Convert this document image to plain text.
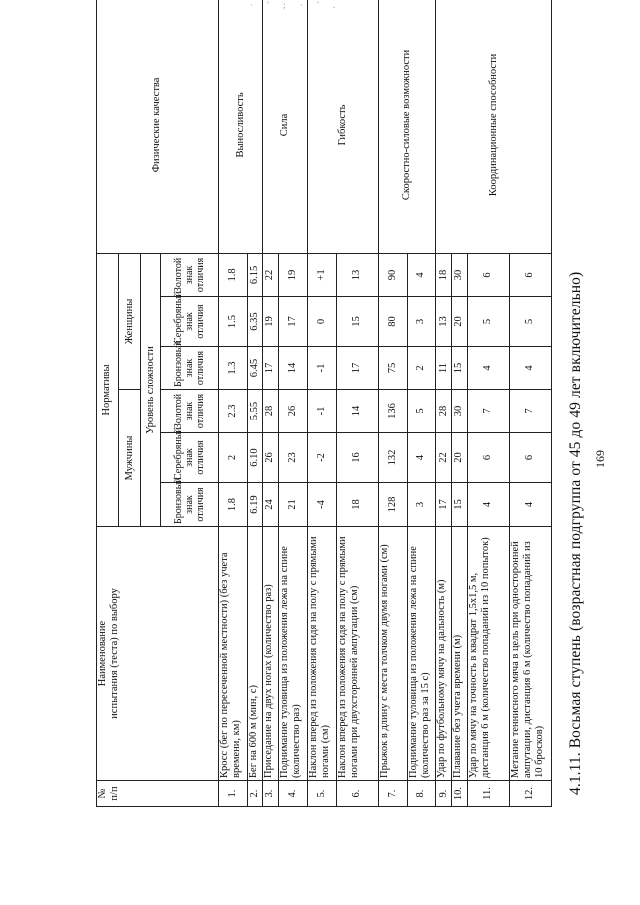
· ' ; · ' .
169
4.1.11. Восьмая ступень (возрастная подгруппа от 45 до 49 лет включительно)
№
п/п	Наименование
испытания (теста) по выбору	Нормативы						Физические качества
		Мужчины			Женщины			
		Уровень сложности						
		Бронзовый знак отличия	Серебряный знак отличия	Золотой знак отличия	Бронзовый знак отличия	Серебряный знак отличия	Золотой знак отличия	
1.	Кросс (бег по пересеченной местности) (без учета времени, км)	1.8	2	2.3	1.3	1.5	1.8	Выносливость
2.	Бег на 600 м (мин, с)	6.19	6.10	5.55	6.45	6.35	6.15	
3.	Приседание на двух ногах (количество раз)	24	26	28	17	19	22	Сила
4.	Поднимание туловища из положения лежа на спине (количество раз)	21	23	26	14	17	19	
5.	Наклон вперед из положения сидя на полу с прямыми ногами (см)	-4	-2	-1	-1	0	+1	Гибкость
6.	Наклон вперед из положения сидя на полу с прямыми ногами при двухсторонней ампутации (см)	18	16	14	17	15	13	
7.	Прыжок в длину с места толчком двумя ногами (см)	128	132	136	75	80	90	Скоростно-силовые возможности
8.	Поднимание туловища из положения лежа на спине (количество раз за 15 с)	3	4	5	2	3	4	
9.	Удар по футбольному мячу на дальность (м)	17	22	28	11	13	18	Координационные способности
10.	Плавание без учета времени (м)	15	20	30	15	20	30	
11.	Удар по мячу на точность в квадрат 1,5х1,5 м, дистанция 6 м (количество попаданий из 10 попыток)	4	6	7	4	5	6	
12.	Метание теннисного мяча в цель при односторонней ампутации, дистанция 6 м (количество попаданий из 10 бросков)	4	6	7	4	5	6	
